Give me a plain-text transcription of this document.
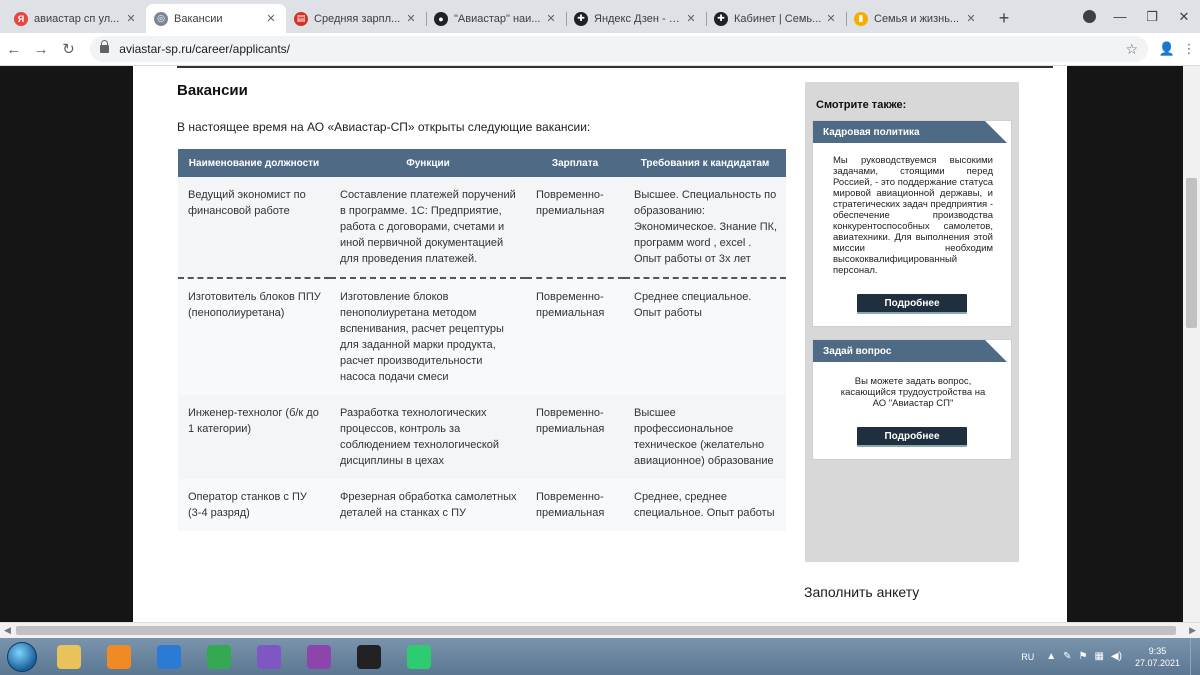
Я авиастар сп ул... ✕	◎ Вакансии	✕	▤ Средняя зарпл... ✕	● "Авиастар" наи... ✕	✚ Яндекс Дзен - б...	✕	✚ Кабинет | Семь... ✕	▮ Семья и жизнь... ✕	+	—	❐	✕
← → ↻	aviastar-sp.ru/career/applicants/	☆ 👤 ⋮
Вакансии
В настоящее время на АО «Авиастар-СП» открыты следующие вакансии:
Наименование должности	Функции	Зарплата	Требования к кандидатам
Ведущий экономист по финансовой работе	Составление платежей поручений в программе. 1С: Предприятие, работа с договорами, счетами и иной первичной документацией для проведения платежей.	Повременно-премиальная	Высшее. Специальность по образованию: Экономическое. Знание ПК, программ word , excel . Опыт работы от 3х лет
Изготовитель блоков ППУ (пенополиуретана)	Изготовление блоков пенополиуретана методом вспенивания, расчет рецептуры для заданной марки продукта, расчет производительности насоса подачи смеси	Повременно-премиальная	Среднее специальное. Опыт работы
Инженер-технолог (б/к до 1 категории)	Разработка технологических процессов, контроль за соблюдением технологической дисциплины в цехах	Повременно-премиальная	Высшее профессиональное техническое (желательно авиационное) образование
Оператор станков с ПУ (3-4 разряд)	Фрезерная обработка самолетных деталей на станках с ПУ	Повременно-премиальная	Среднее, среднее специальное. Опыт работы
Смотрите также:
Кадровая политика
Мы руководствуемся высокими задачами, стоящими перед Россией, - это поддержание статуса мировой авиационной державы, и стратегических задач предприятия - обеспечение производства конкурентоспособных самолетов, авиатехники. Для выполнения этой миссии необходим высококвалифицированный персонал.
Подробнее
Задай вопрос
Вы можете задать вопрос, касающийся трудоустройства на АО "Авиастар СП"
Подробнее
Заполнить анкету
◀	▶
RU ▲ ✎ ⚑ ▦ ◀)
9:35
27.07.2021
